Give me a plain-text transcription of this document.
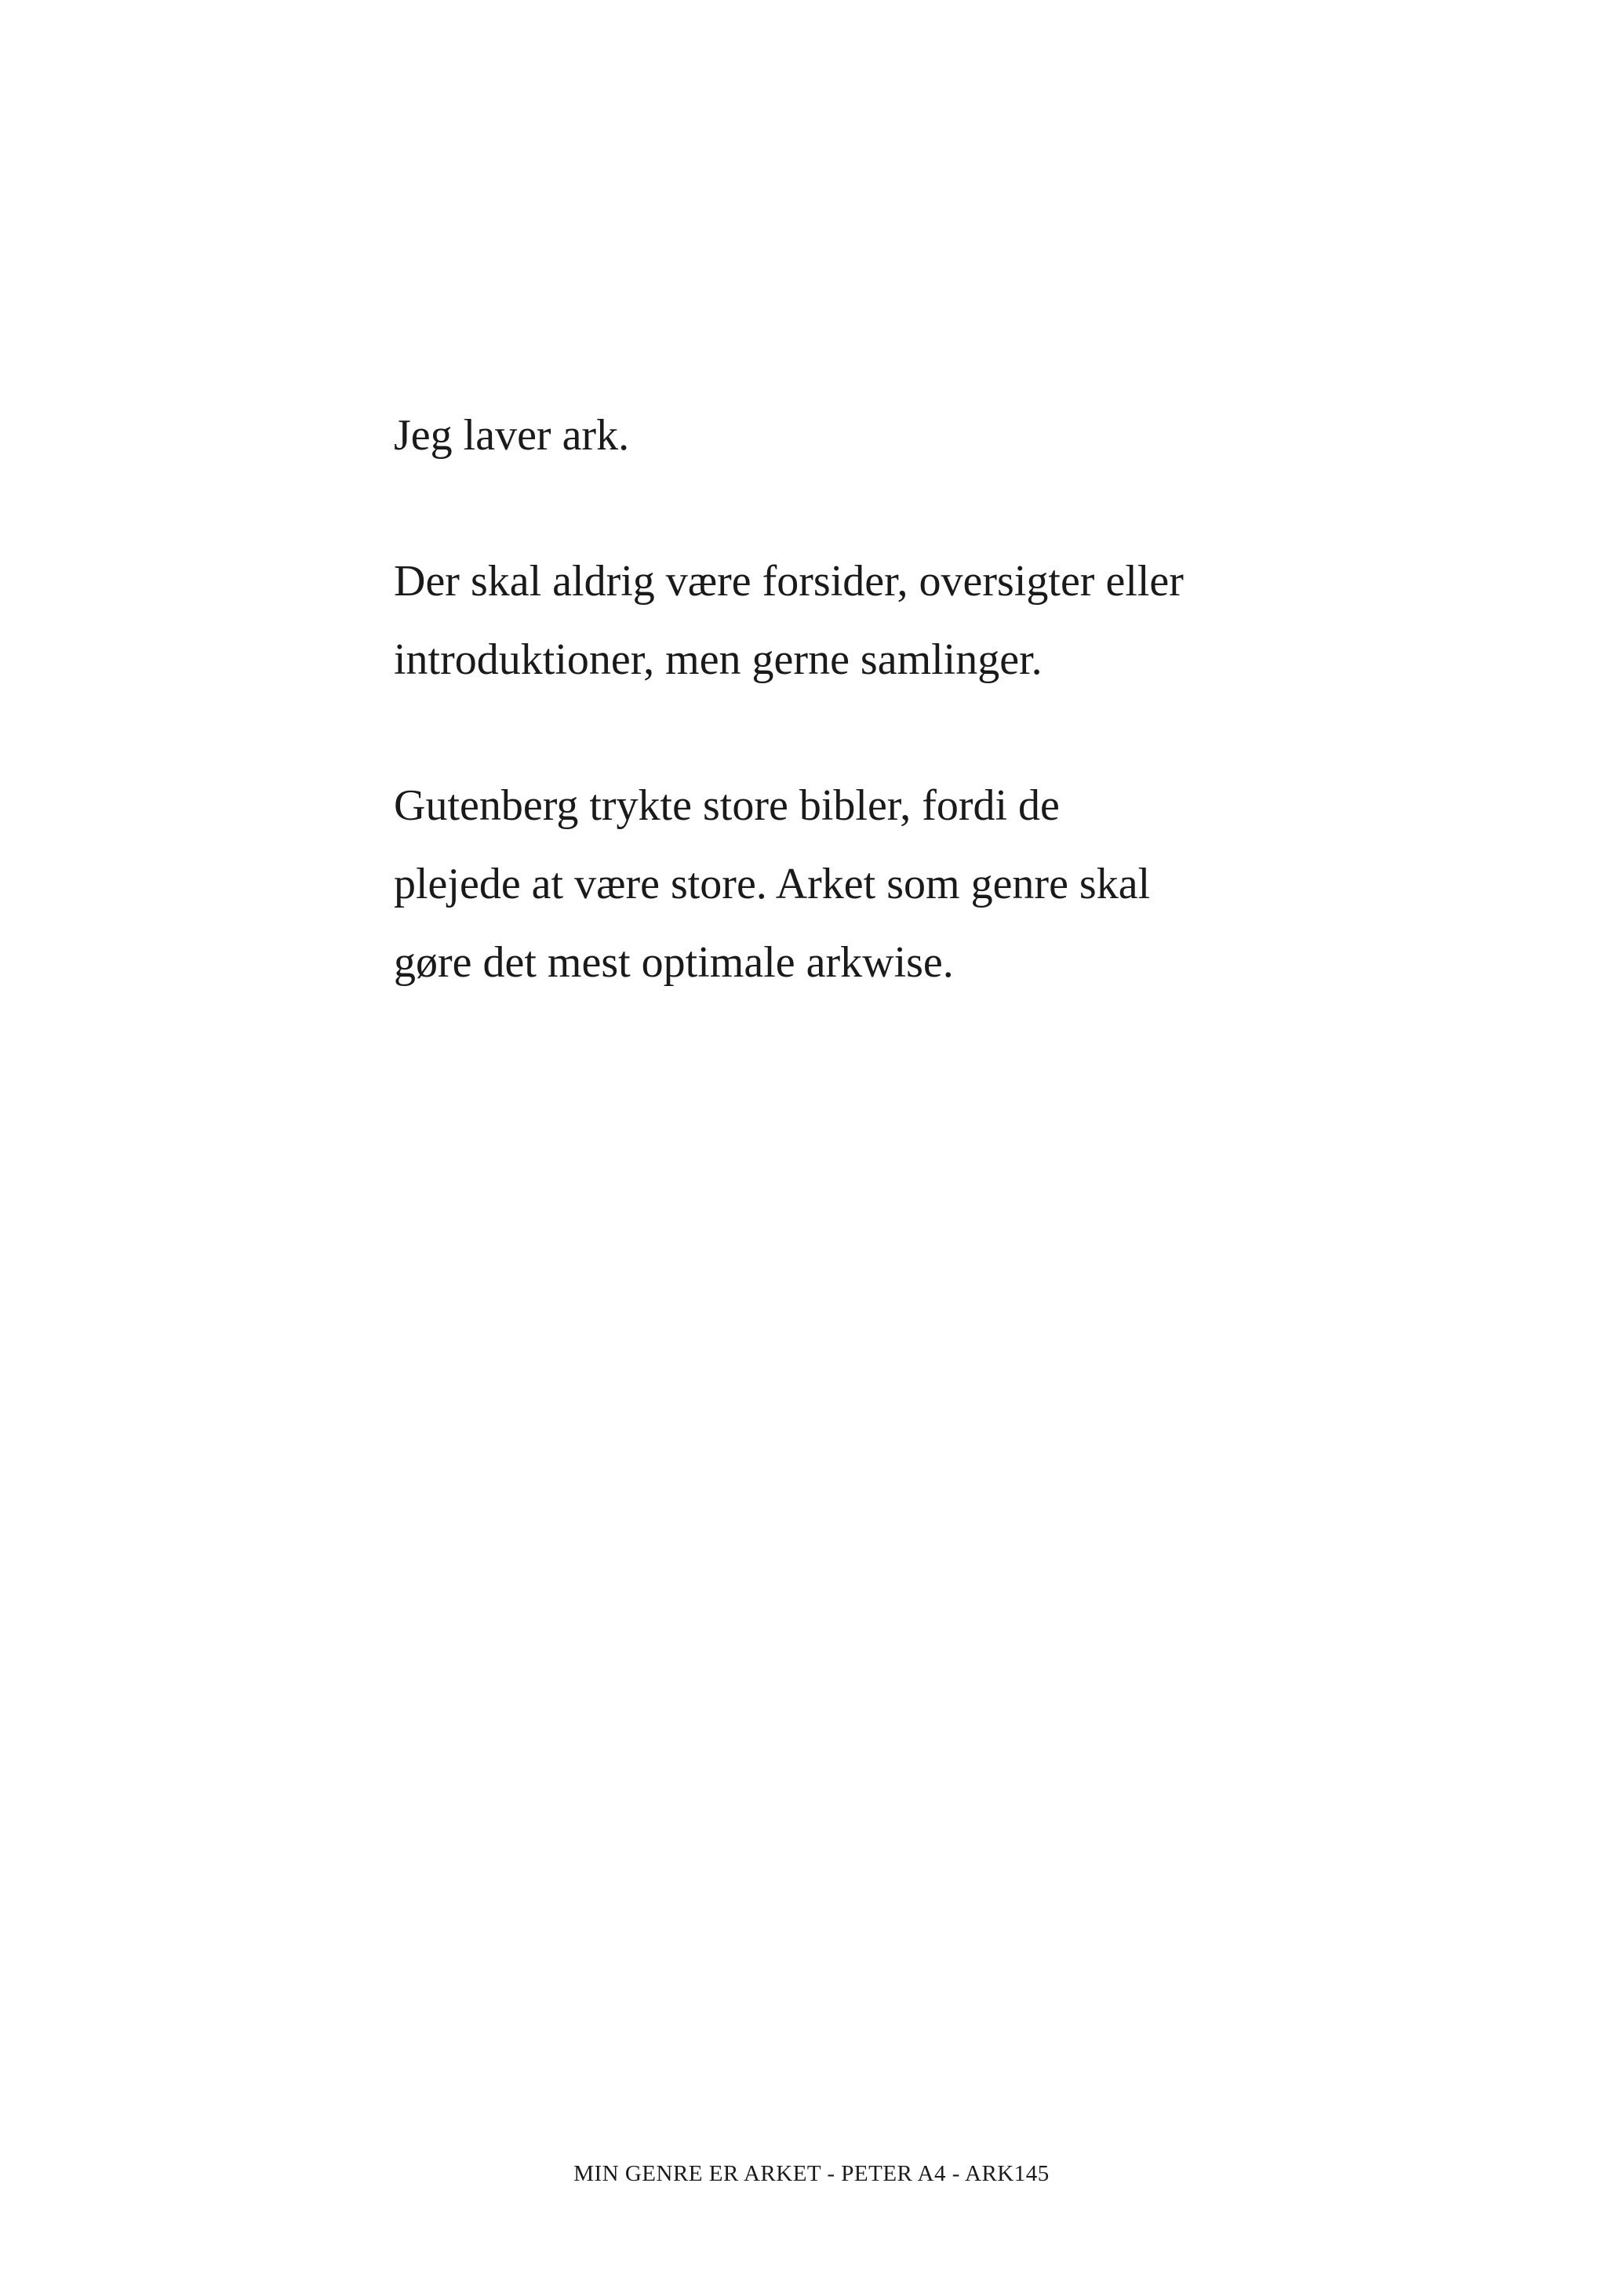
Jeg laver ark.

Der skal aldrig være forsider, oversigter eller
introduktioner, men gerne samlinger.

Gutenberg trykte store bibler, fordi de
plejede at være store. Arket som genre skal
gøre det mest optimale arkwise.

MIN GENRE ER ARKET - PETER A4 - ARK145
